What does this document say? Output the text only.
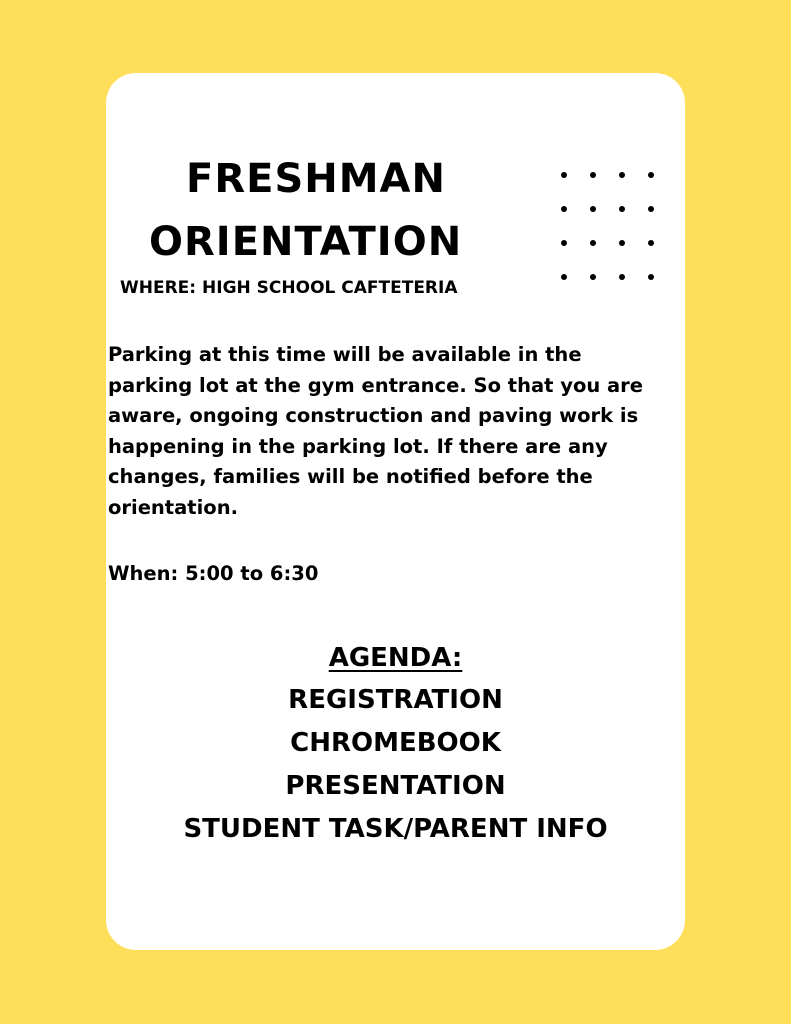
FRESHMAN
ORIENTATION
WHERE: HIGH SCHOOL CAFTETERIA

Parking at this time will be available in the parking lot at the gym entrance. So that you are aware, ongoing construction and paving work is happening in the parking lot. If there are any changes, families will be notified before the orientation.

When: 5:00 to 6:30

AGENDA:
REGISTRATION
CHROMEBOOK
PRESENTATION
STUDENT TASK/PARENT INFO
